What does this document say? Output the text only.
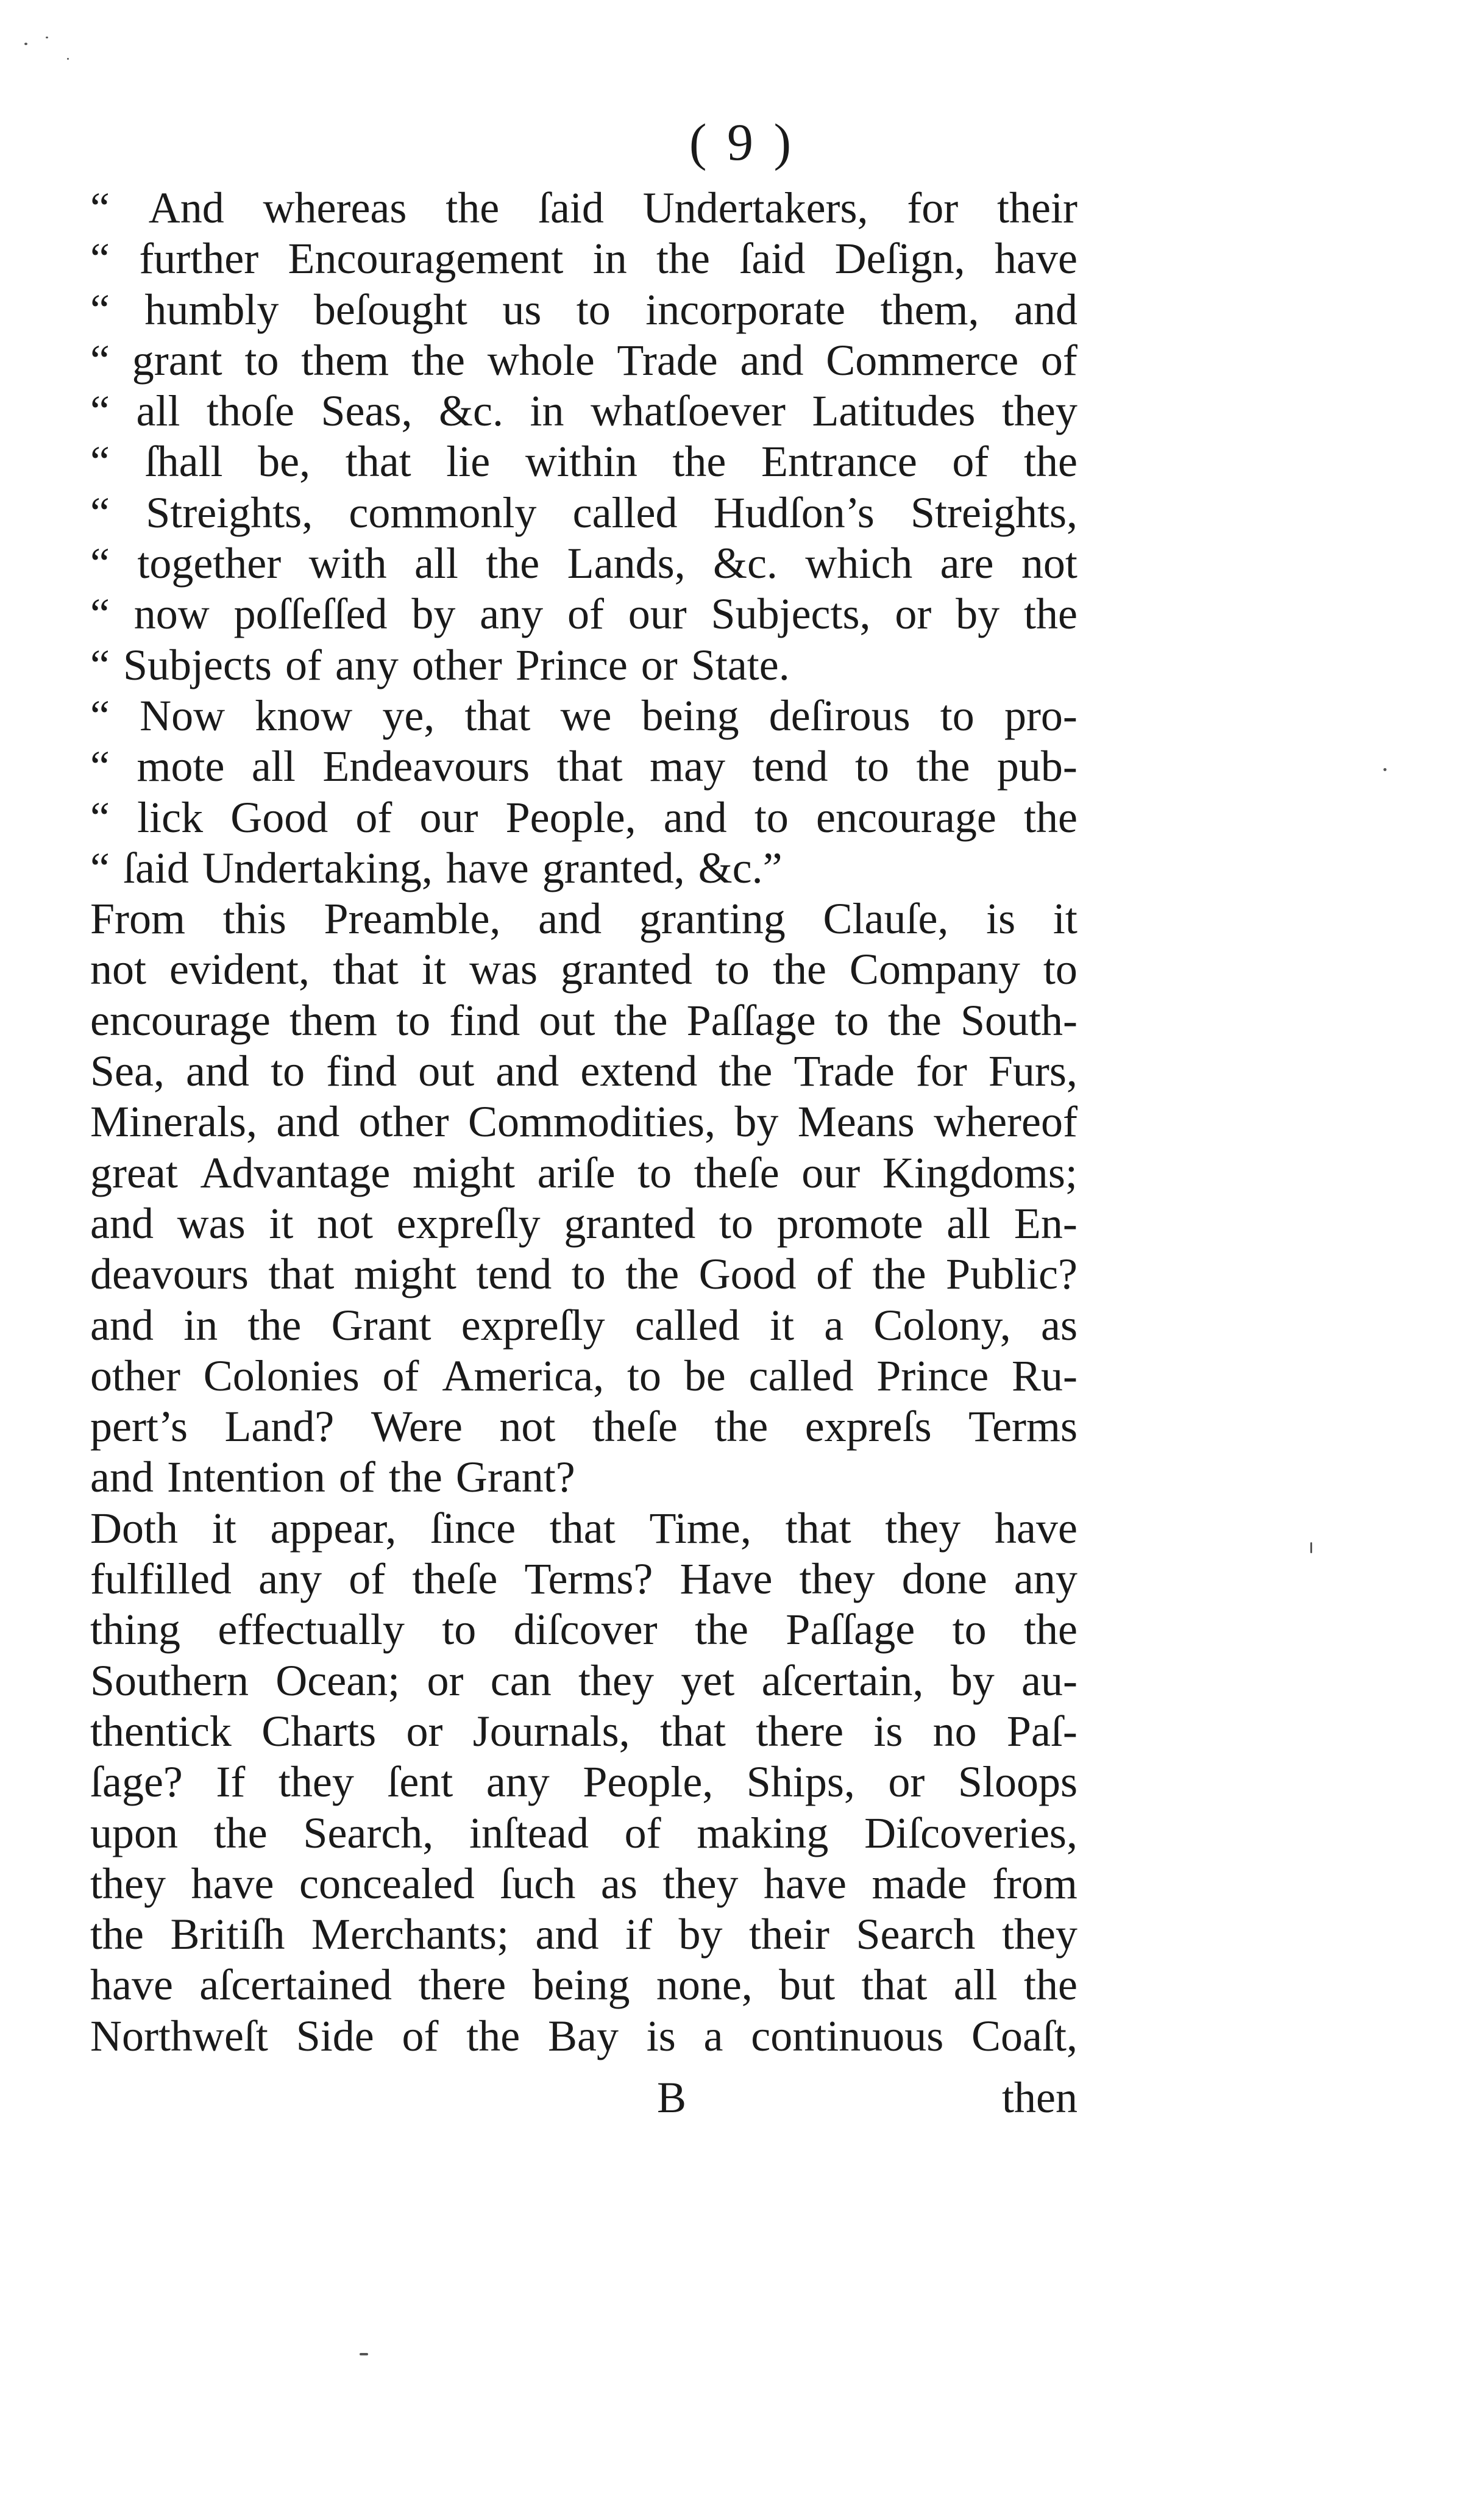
( 9 )
“ And whereas the ſaid Undertakers, for their
“ further Encouragement in the ſaid Deſign, have
“ humbly beſought us to incorporate them, and
“ grant to them the whole Trade and Commerce of
“ all thoſe Seas, &c. in whatſoever Latitudes they
“ ſhall be, that lie within the Entrance of the
“ Streights, commonly called Hudſon’s Streights,
“ together with all the Lands, &c. which are not
“ now poſſeſſed by any of our Subjects, or by the
“ Subjects of any other Prince or State.
“ Now know ye, that we being deſirous to pro-
“ mote all Endeavours that may tend to the pub-
“ lick Good of our People, and to encourage the
“ ſaid Undertaking, have granted, &c.”
From this Preamble, and granting Clauſe, is it
not evident, that it was granted to the Company to
encourage them to find out the Paſſage to the South-
Sea, and to find out and extend the Trade for Furs,
Minerals, and other Commodities, by Means whereof
great Advantage might ariſe to theſe our Kingdoms;
and was it not expreſly granted to promote all En-
deavours that might tend to the Good of the Public?
and in the Grant expreſly called it a Colony, as
other Colonies of America, to be called Prince Ru-
pert’s Land? Were not theſe the expreſs Terms
and Intention of the Grant?
Doth it appear, ſince that Time, that they have
fulfilled any of theſe Terms? Have they done any
thing effectually to diſcover the Paſſage to the
Southern Ocean; or can they yet aſcertain, by au-
thentick Charts or Journals, that there is no Paſ-
ſage? If they ſent any People, Ships, or Sloops
upon the Search, inſtead of making Diſcoveries,
they have concealed ſuch as they have made from
the Britiſh Merchants; and if by their Search they
have aſcertained there being none, but that all the
Northweſt Side of the Bay is a continuous Coaſt,
B	then
